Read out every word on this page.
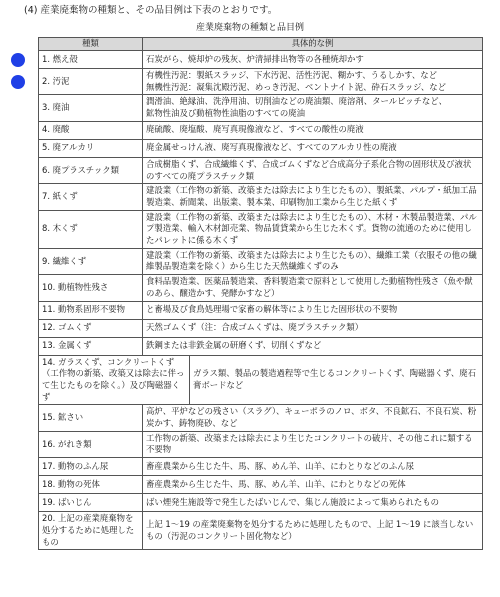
(4) 産業廃棄物の種類と、その品目例は下表のとおりです。
産業廃棄物の種類と品目例
種類	具体的な例
1. 燃え殻	石炭がら、焼却炉の残灰、炉清掃排出物等の各種焼却かす
2. 汚泥	有機性汚泥：製紙スラッジ、下水汚泥、活性汚泥、糊かす、うるしかす、など
無機性汚泥：凝集沈殿汚泥、めっき汚泥、ベントナイト泥、砕石スラッジ、など
3. 廃油	潤滑油、絶縁油、洗浄用油、切削油などの廃油類、廃溶剤、タールピッチなど、
鉱物性油及び動植物性油脂のすべての廃油
4. 廃酸	廃硫酸、廃塩酸、廃写真現像液など、すべての酸性の廃液
5. 廃アルカリ	廃金属せっけん液、廃写真現像液など、すべてのアルカリ性の廃液
6. 廃プラスチック類	合成樹脂くず、合成繊維くず、合成ゴムくずなど合成高分子系化合物の固形状及び液状のすべての廃プラスチック類
7. 紙くず	建設業（工作物の新築、改築または除去により生じたもの）、製紙業、パルプ・紙加工品製造業、新聞業、出版業、製本業、印刷物加工業から生じた紙くず
8. 木くず	建設業（工作物の新築、改築または除去により生じたもの）、木材・木製品製造業、パルプ製造業、輸入木材卸売業、物品賃貸業から生じた木くず。貨物の流通のために使用したパレットに係る木くず
9. 繊維くず	建設業（工作物の新築、改築または除去により生じたもの）、繊維工業（衣服その他の繊維製品製造業を除く）から生じた天然繊維くずのみ
10. 動植物性残さ	食料品製造業、医薬品製造業、香料製造業で原料として使用した動植物性残さ（魚や獣のあら、醸造かす、発酵かすなど）
11. 動物系固形不要物	と畜場及び食鳥処理場で家畜の解体等により生じた固形状の不要物
12. ゴムくず	天然ゴムくず（注：合成ゴムくずは、廃プラスチック類）
13. 金属くず	鉄鋼または非鉄金属の研磨くず、切削くずなど

14. ガラスくず、コンクリートくず（工作物の新築、改築又は除去に伴って生じたものを除く。）及び陶磁器くず	ガラス類、製品の製造過程等で生じるコンクリートくず、陶磁器くず、廃石膏ボードなど

15. 鉱さい	高炉、平炉などの残さい（スラグ）、キューポラのノロ、ボタ、不良鉱石、不良石炭、粉炭かす、鋳物廃砂、など
16. がれき類	工作物の新築、改築または除去により生じたコンクリートの破片、その他これに類する不要物
17. 動物のふん尿	畜産農業から生じた牛、馬、豚、めん羊、山羊、にわとりなどのふん尿
18. 動物の死体	畜産農業から生じた牛、馬、豚、めん羊、山羊、にわとりなどの死体
19. ばいじん	ばい煙発生施設等で発生したばいじんで、集じん施設によって集められたもの
20. 上記の産業廃棄物を処分するために処理したもの	上記 1～19 の産業廃棄物を処分するために処理したもので、上記 1～19 に該当しないもの（汚泥のコンクリート固化物など）
